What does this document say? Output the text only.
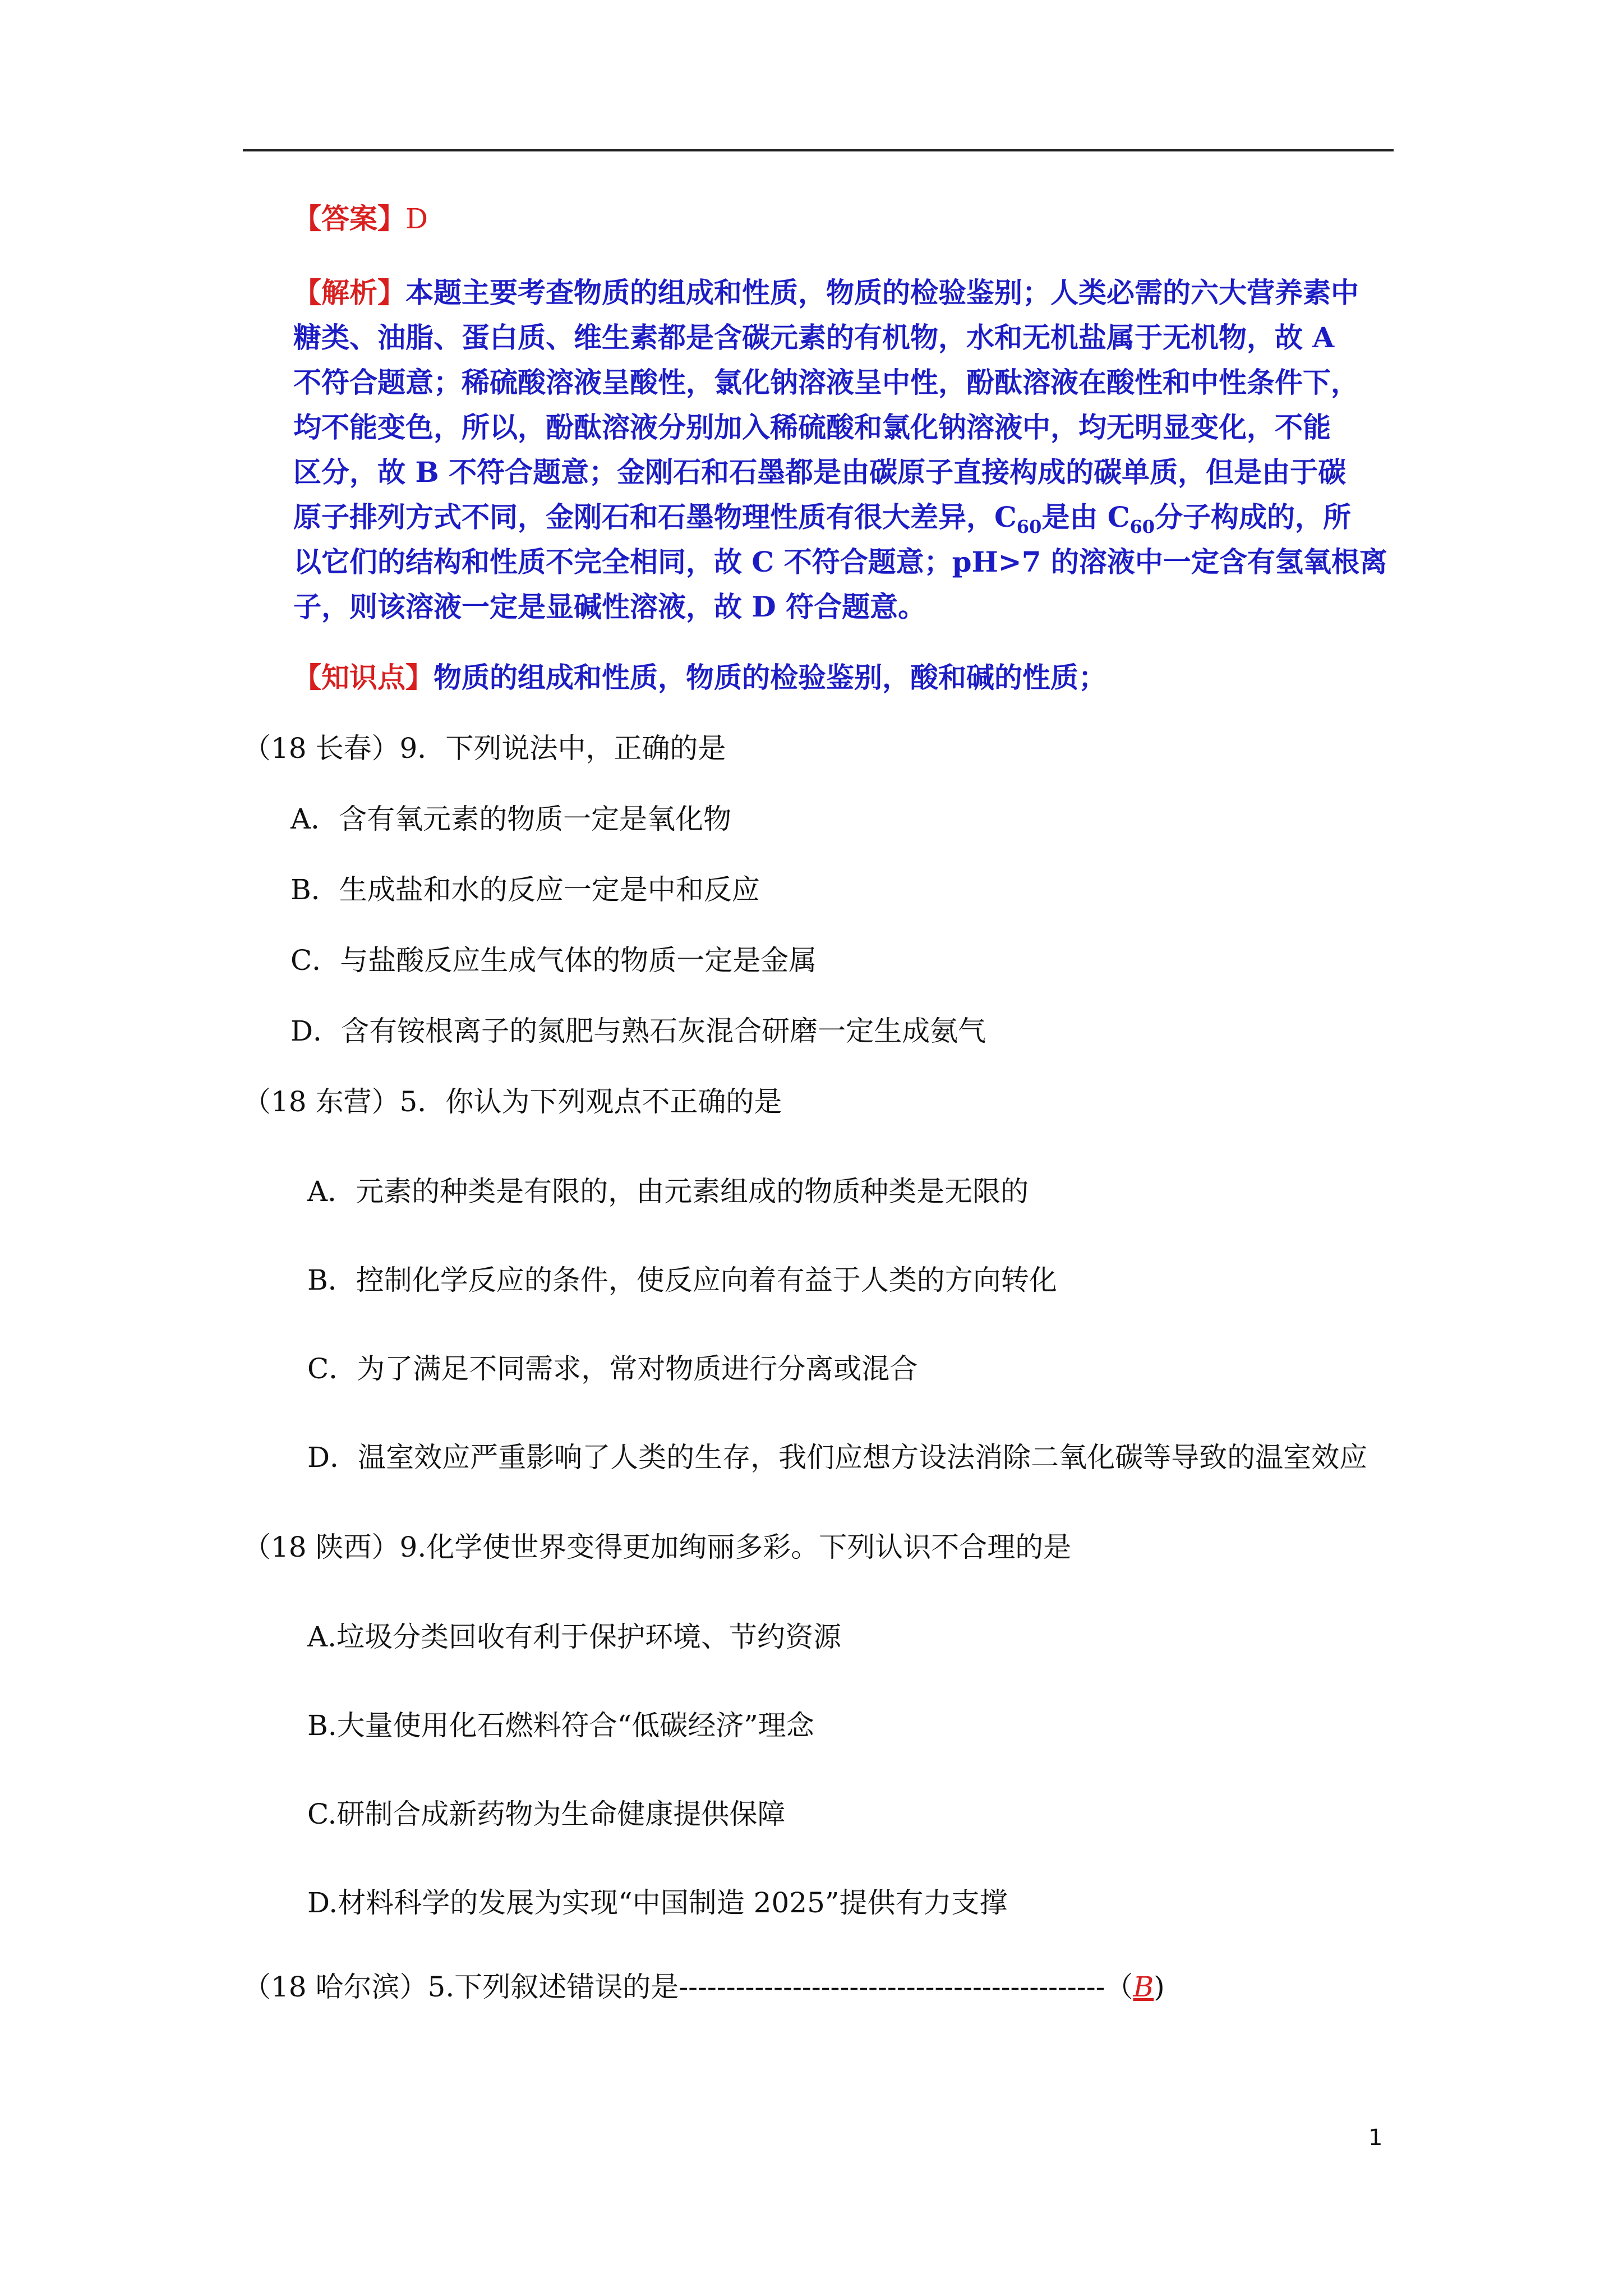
【答案】D

【解析】本题主要考查物质的组成和性质，物质的检验鉴别；人类必需的六大营养素中
糖类、油脂、蛋白质、维生素都是含碳元素的有机物，水和无机盐属于无机物，故 A
不符合题意；稀硫酸溶液呈酸性，氯化钠溶液呈中性，酚酞溶液在酸性和中性条件下，
均不能变色，所以，酚酞溶液分别加入稀硫酸和氯化钠溶液中，均无明显变化，不能
区分，故 B 不符合题意；金刚石和石墨都是由碳原子直接构成的碳单质，但是由于碳
原子排列方式不同，金刚石和石墨物理性质有很大差异，$C_{60}$是由 $C_{60}$分子构成的，所
以它们的结构和性质不完全相同，故 C 不符合题意；pH>7 的溶液中一定含有氢氧根离
子，则该溶液一定是显碱性溶液，故 D 符合题意。

【知识点】物质的组成和性质，物质的检验鉴别，酸和碱的性质；

（18 长春）9．下列说法中，正确的是

A．含有氧元素的物质一定是氧化物

B．生成盐和水的反应一定是中和反应

C．与盐酸反应生成气体的物质一定是金属

D．含有铵根离子的氮肥与熟石灰混合研磨一定生成氨气

（18 东营）5．你认为下列观点不正确的是

A．元素的种类是有限的，由元素组成的物质种类是无限的

B．控制化学反应的条件，使反应向着有益于人类的方向转化

C．为了满足不同需求，常对物质进行分离或混合

D．温室效应严重影响了人类的生存，我们应想方设法消除二氧化碳等导致的温室效应

（18 陕西）9.化学使世界变得更加绚丽多彩。下列认识不合理的是

A.垃圾分类回收有利于保护环境、节约资源

B.大量使用化石燃料符合“低碳经济”理念

C.研制合成新药物为生命健康提供保障

D.材料科学的发展为实现“中国制造 2025”提供有力支撑

（18 哈尔滨）5.下列叙述错误的是---------------------------------------------（B)

1
